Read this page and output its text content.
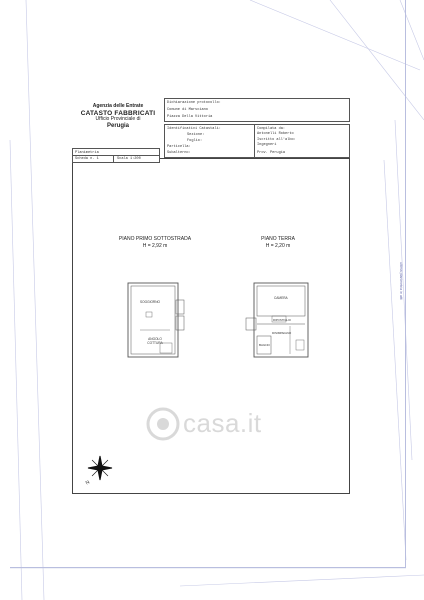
Agenzia delle Entrate
CATASTO FABBRICATI
Ufficio Provinciale di
Perugia
Dichiarazione protocollo:
Comune di Marsciano
Piazza Della Vittoria
Identificativi Catastali:
Sezione:
Foglio:
Particella:
Subalterno:
Compilata da:
Antonelli Roberto
Iscritto all'albo:
Ingegneri
Prov. Perugia
Planimetria
Scheda n. 1	Scala 1:200
PIANO PRIMO SOTTOSTRADA
H = 2,92 m
PIANO TERRA
H = 2,20 m
SOGGIORNO
ANGOLO COTTURA
CAMERA
RIPOSTIGLIO
DISIMPEGNO
BAGNO
N
casa.it
ultima planimetria in atti
